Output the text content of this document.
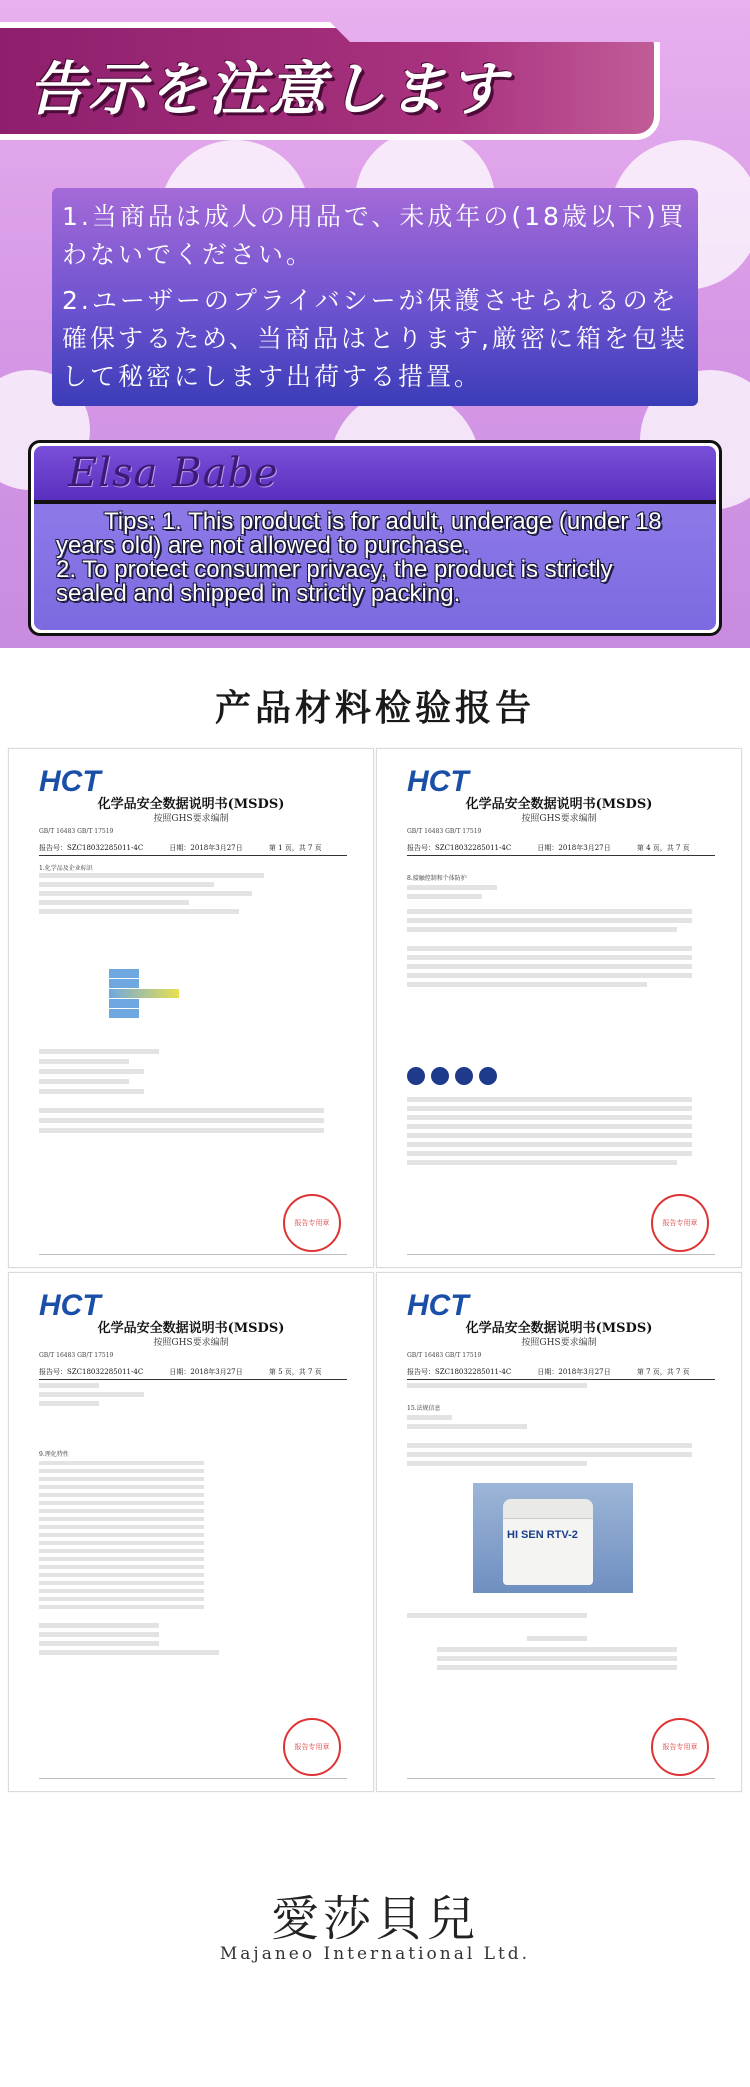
告示を注意します

1.当商品は成人の用品で、未成年の(18歳以下)買わないでください。

2.ユーザーのプライバシーが保護させられるのを確保するため、当商品はとります,厳密に箱を包装して秘密にします出荷する措置。

Elsa Babe
Tips: 1. This product is for adult, underage (under 18
years old) are not allowed to purchase.
2. To protect consumer privacy, the product is strictly
sealed and shipped in strictly packing.
产品材料检验报告
HCT
化学品安全数据说明书(MSDS)
按照GHS要求编制
GB/T 16483 GB/T 17519
报告号：SZC18032285011-4C	日期：2018年3月27日	第 1 页，共 7 页
1.化学品及企业标识
报告专用章
HCT
化学品安全数据说明书(MSDS)
按照GHS要求编制
GB/T 16483 GB/T 17519
报告号：SZC18032285011-4C	日期：2018年3月27日	第 4 页，共 7 页
8.接触控制和个体防护
报告专用章
HCT
化学品安全数据说明书(MSDS)
按照GHS要求编制
GB/T 16483 GB/T 17519
报告号：SZC18032285011-4C	日期：2018年3月27日	第 5 页，共 7 页
9.理化特性
报告专用章
HCT
化学品安全数据说明书(MSDS)
按照GHS要求编制
GB/T 16483 GB/T 17519
报告号：SZC18032285011-4C	日期：2018年3月27日	第 7 页，共 7 页
15.法规信息
HI SEN RTV-2
报告专用章
愛莎貝兒
Majaneo International Ltd.
